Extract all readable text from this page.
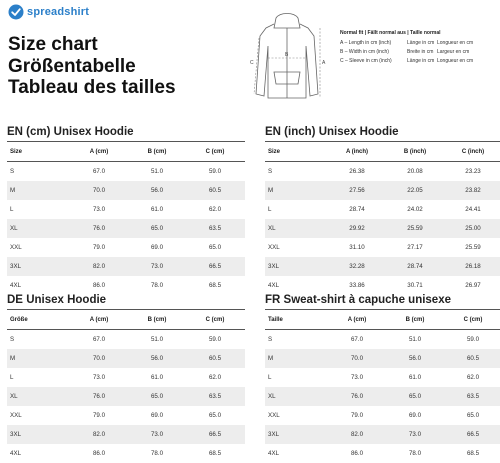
spreadshirt
Size chart
Größentabelle
Tableau des tailles
B
A
C
Normal fit | Fällt normal aus | Taille normal
A – Length in cm (inch)	Länge in cm Longueur en cm
B – Width in cm (inch)	Breite in cm Largeur en cm
C – Sleeve in cm (inch)	Länge in cm Longueur en cm
EN (cm) Unisex Hoodie
Size	A (cm)	B (cm)	C (cm)
S	67.0	51.0	59.0
M	70.0	56.0	60.5
L	73.0	61.0	62.0
XL	76.0	65.0	63.5
XXL	79.0	69.0	65.0
3XL	82.0	73.0	66.5
4XL	86.0	78.0	68.5
EN (inch) Unisex Hoodie
Size	A (inch)	B (inch)	C (inch)
S	26.38	20.08	23.23
M	27.56	22.05	23.82
L	28.74	24.02	24.41
XL	29.92	25.59	25.00
XXL	31.10	27.17	25.59
3XL	32.28	28.74	26.18
4XL	33.86	30.71	26.97
DE Unisex Hoodie
Größe	A (cm)	B (cm)	C (cm)
S	67.0	51.0	59.0
M	70.0	56.0	60.5
L	73.0	61.0	62.0
XL	76.0	65.0	63.5
XXL	79.0	69.0	65.0
3XL	82.0	73.0	66.5
4XL	86.0	78.0	68.5
FR Sweat-shirt à capuche unisexe
Taille	A (cm)	B (cm)	C (cm)
S	67.0	51.0	59.0
M	70.0	56.0	60.5
L	73.0	61.0	62.0
XL	76.0	65.0	63.5
XXL	79.0	69.0	65.0
3XL	82.0	73.0	66.5
4XL	86.0	78.0	68.5
